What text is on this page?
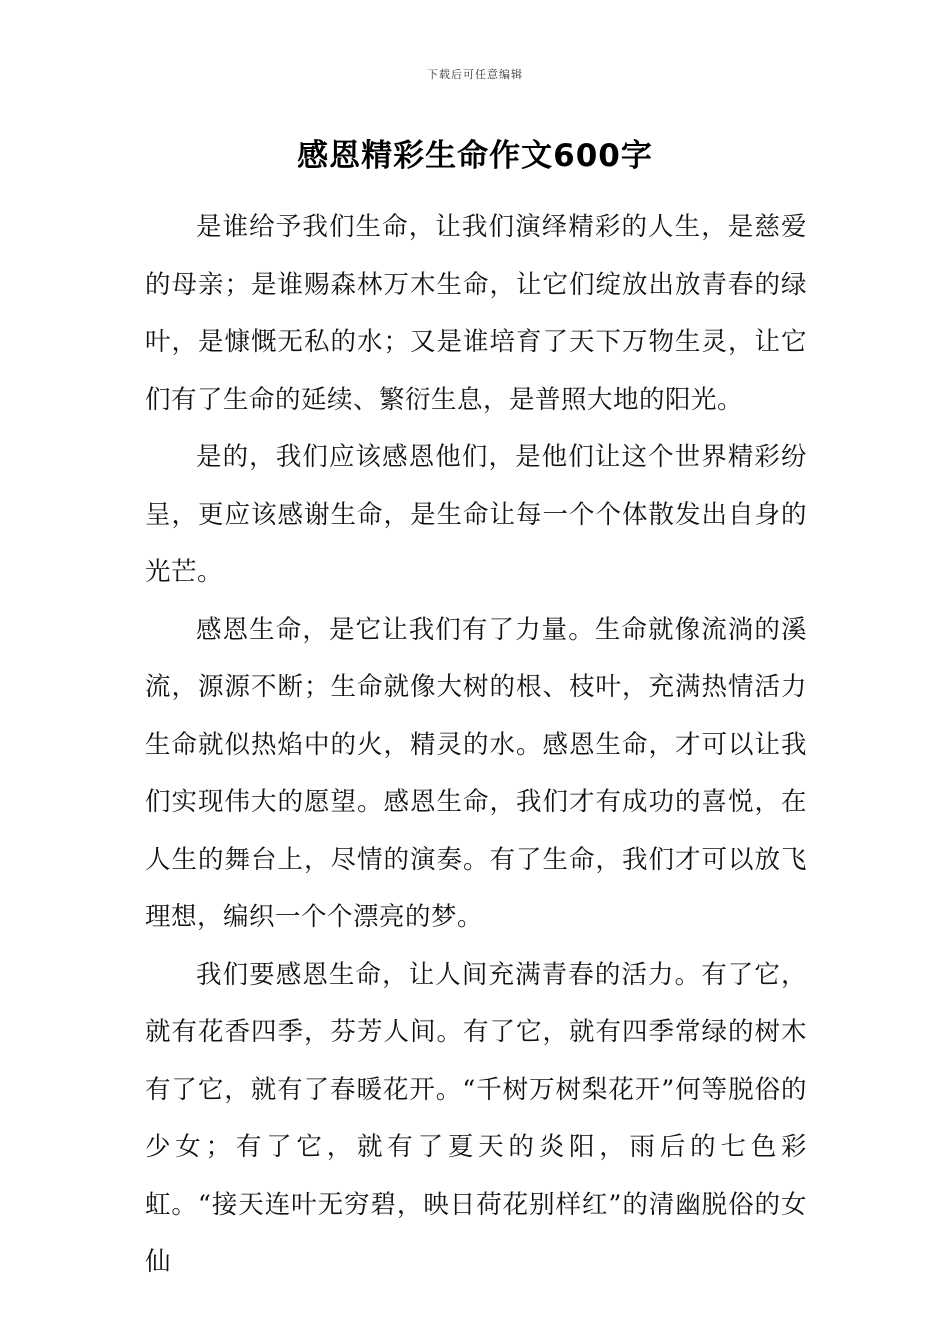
下载后可任意编辑
感恩精彩生命作文600字

是谁给予我们生命，让我们演绎精彩的人生，是慈爱的母亲；是谁赐森林万木生命，让它们绽放出放青春的绿叶，是慷慨无私的水；又是谁培育了天下万物生灵，让它们有了生命的延续、繁衍生息，是普照大地的阳光。

是的，我们应该感恩他们，是他们让这个世界精彩纷呈，更应该感谢生命，是生命让每一个个体散发出自身的光芒。

感恩生命，是它让我们有了力量。生命就像流淌的溪流，源源不断；生命就像大树的根、枝叶，充满热情活力生命就似热焰中的火，精灵的水。感恩生命，才可以让我们实现伟大的愿望。感恩生命，我们才有成功的喜悦，在人生的舞台上，尽情的演奏。有了生命，我们才可以放飞理想，编织一个个漂亮的梦。

我们要感恩生命，让人间充满青春的活力。有了它，就有花香四季，芬芳人间。有了它，就有四季常绿的树木有了它，就有了春暖花开。“千树万树梨花开”何等脱俗的少女；有了它，就有了夏天的炎阳，雨后的七色彩虹。“接天连叶无穷碧，映日荷花别样红”的清幽脱俗的女仙
